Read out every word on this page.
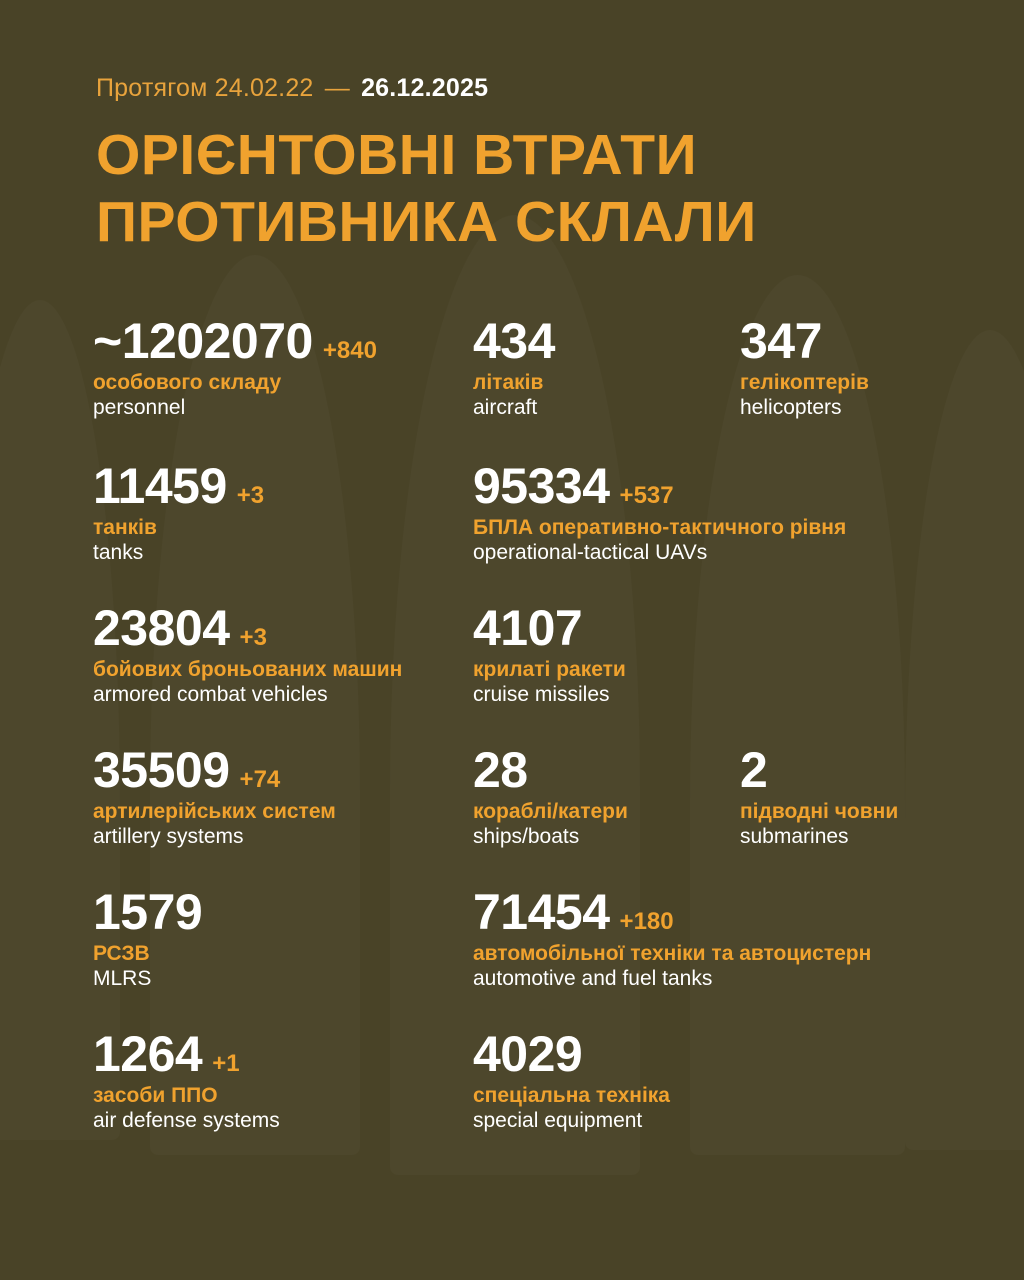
Протягом 24.02.22 — 26.12.2025
ОРІЄНТОВНІ ВТРАТИ
ПРОТИВНИКА СКЛАЛИ
~1202070 +840
особового складу
personnel
11459 +3
танків
tanks
23804 +3
бойових броньованих машин
armored combat vehicles
35509 +74
артилерійських систем
artillery systems
1579
РСЗВ
MLRS
1264 +1
засоби ППО
air defense systems
434
літаків
aircraft
95334 +537
БПЛА оперативно-тактичного рівня
operational-tactical UAVs
4107
крилаті ракети
cruise missiles
28
кораблі/катери
ships/boats
71454 +180
автомобільної техніки та автоцистерн
automotive and fuel tanks
4029
спеціальна техніка
special equipment
347
гелікоптерів
helicopters
2
підводні човни
submarines
